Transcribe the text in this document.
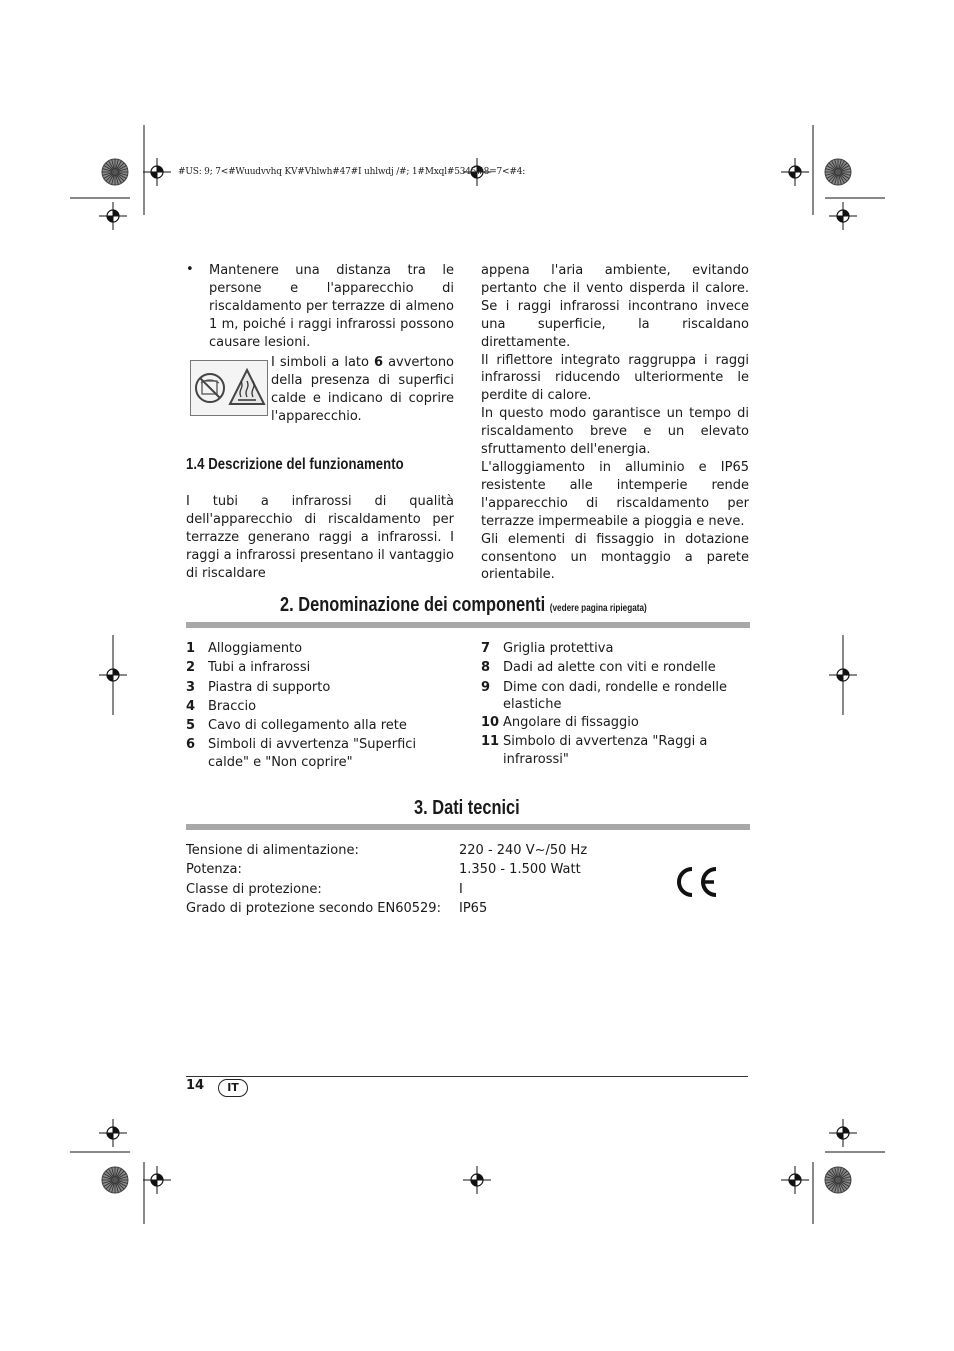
#US: 9; 7<#Wuudvvhq KV#Vhlwh#47#I uhlwdj /#; 1#Mxql#5345#8=7<#4:
• Mantenere una distanza tra le persone e l'apparecchio di riscaldamento per terrazze di almeno 1 m, poiché i raggi infrarossi possono causare lesioni.

I simboli a lato 6 avvertono della presenza di superfici calde e indicano di coprire l'apparecchio.

1.4 Descrizione del funzionamento

I tubi a infrarossi di qualità dell'apparecchio di riscaldamento per terrazze generano raggi a infrarossi. I raggi a infrarossi presentano il vantaggio di riscaldare

appena l'aria ambiente, evitando pertanto che il vento disperda il calore. Se i raggi infrarossi incontrano invece una superficie, la riscaldano direttamente.

Il riflettore integrato raggruppa i raggi infrarossi riducendo ulteriormente le perdite di calore.

In questo modo garantisce un tempo di riscaldamento breve e un elevato sfruttamento dell'energia.

L'alloggiamento in alluminio e IP65 resistente alle intemperie rende l'apparecchio di riscaldamento per terrazze impermeabile a pioggia e neve.

Gli elementi di fissaggio in dotazione consentono un montaggio a parete orientabile.

2. Denominazione dei componenti (vedere pagina ripiegata)
1 Alloggiamento
2 Tubi a infrarossi
3 Piastra di supporto
4 Braccio
5 Cavo di collegamento alla rete
6 Simboli di avvertenza "Superfici calde" e "Non coprire"
7 Griglia protettiva
8 Dadi ad alette con viti e rondelle
9 Dime con dadi, rondelle e rondelle elastiche
10 Angolare di fissaggio
11 Simbolo di avvertenza "Raggi a infrarossi"
3. Dati tecnici
Tensione di alimentazione:	220 - 240 V~/50 Hz
Potenza:	1.350 - 1.500 Watt
Classe di protezione:	I
Grado di protezione secondo EN60529:	IP65
14	IT
